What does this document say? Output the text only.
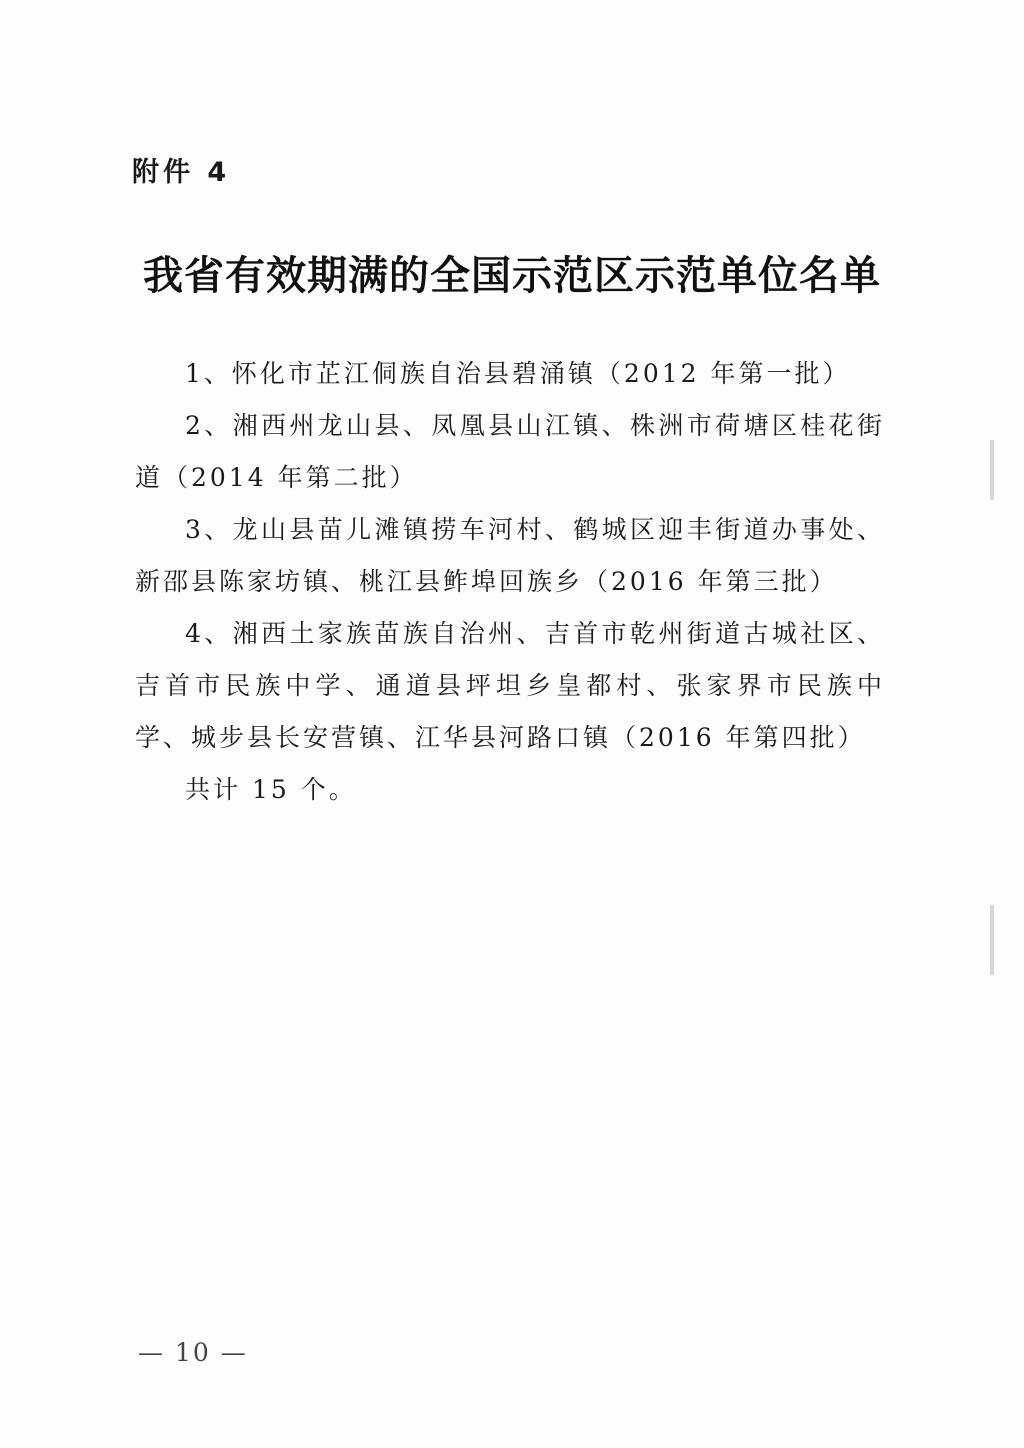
附件 4
我省有效期满的全国示范区示范单位名单

1、怀化市芷江侗族自治县碧涌镇（2012 年第一批）

2、湘西州龙山县、凤凰县山江镇、株洲市荷塘区桂花街道（2014 年第二批）

3、龙山县苗儿滩镇捞车河村、鹤城区迎丰街道办事处、新邵县陈家坊镇、桃江县鲊埠回族乡（2016 年第三批）

4、湘西土家族苗族自治州、吉首市乾州街道古城社区、吉首市民族中学、通道县坪坦乡皇都村、张家界市民族中学、城步县长安营镇、江华县河路口镇（2016 年第四批）

共计 15 个。

— 10 —
